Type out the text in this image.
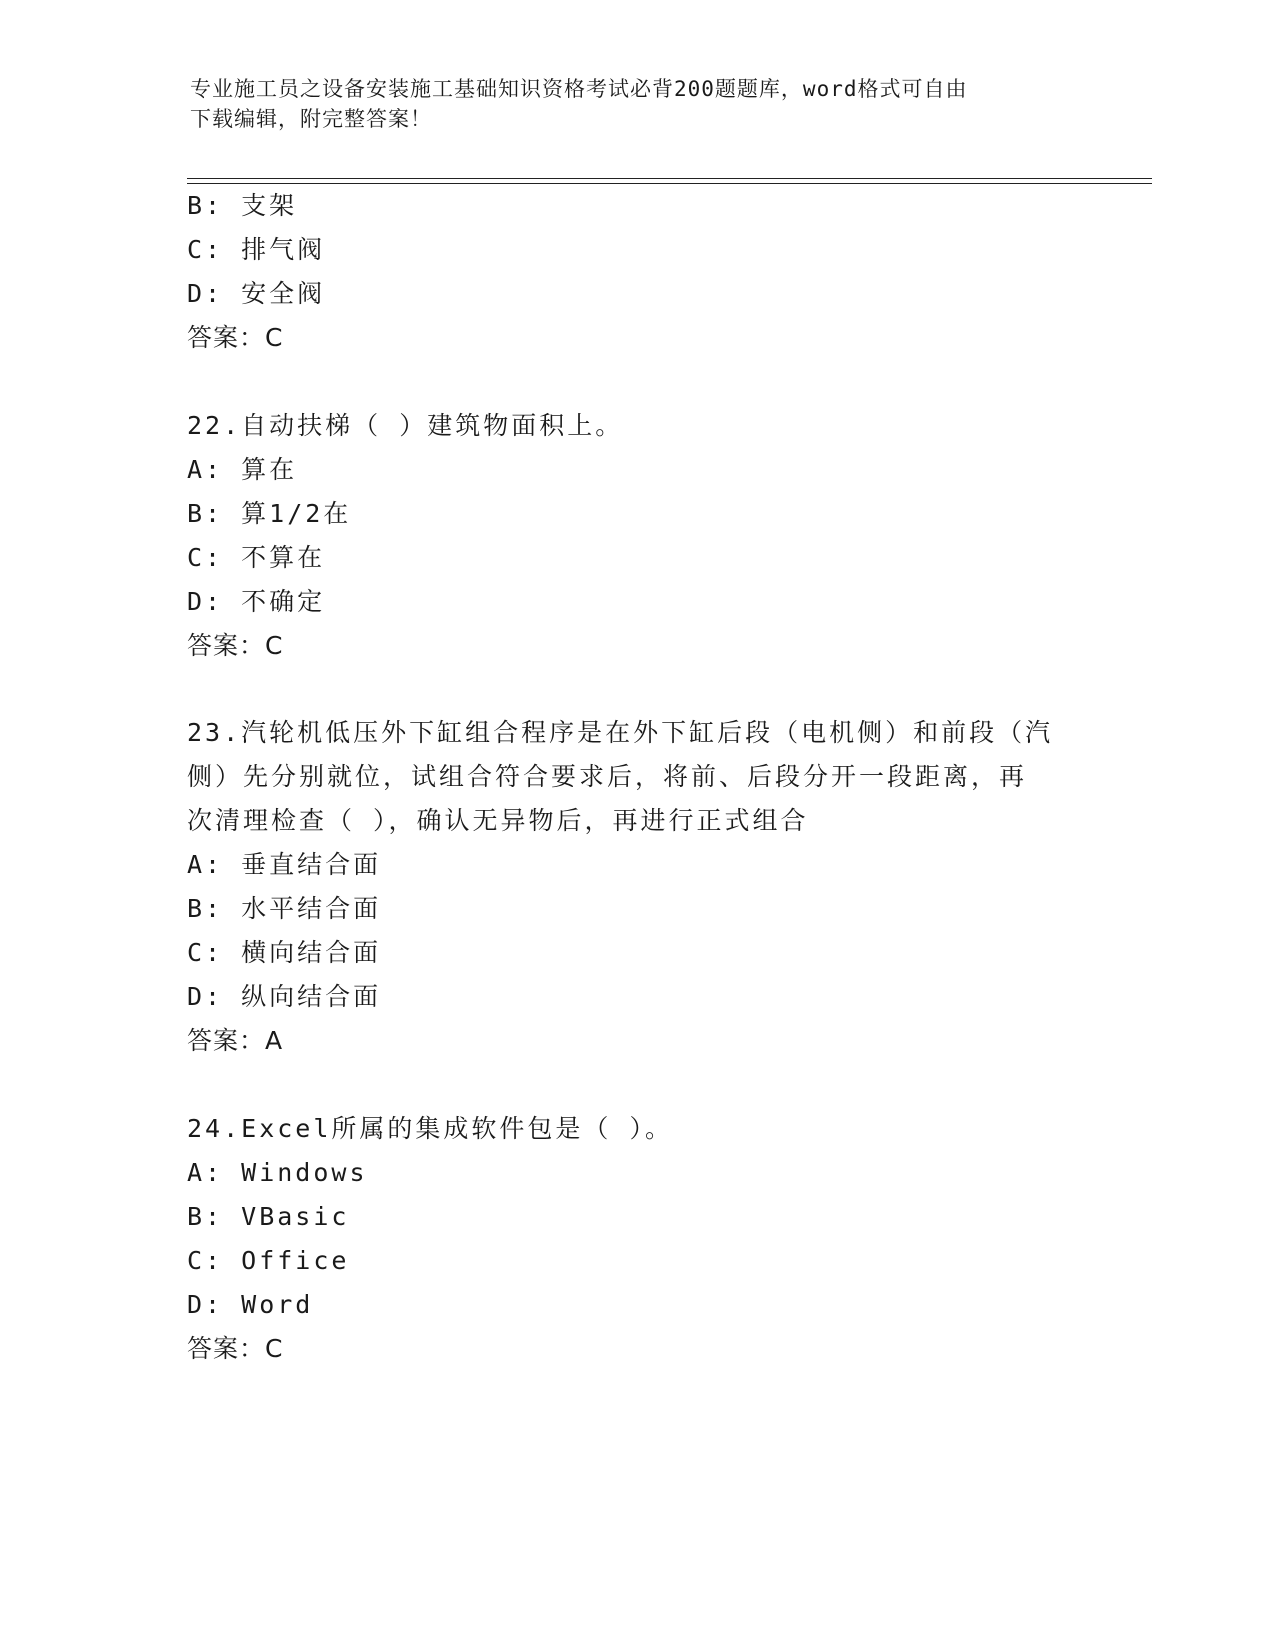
专业施工员之设备安装施工基础知识资格考试必背200题题库，word格式可自由
下载编辑，附完整答案！
B: 支架
C: 排气阀
D: 安全阀
答案：C
22.自动扶梯（ ）建筑物面积上。
A: 算在
B: 算1/2在
C: 不算在
D: 不确定
答案：C
23.汽轮机低压外下缸组合程序是在外下缸后段（电机侧）和前段（汽
侧）先分别就位，试组合符合要求后，将前、后段分开一段距离，再
次清理检查（ ），确认无异物后，再进行正式组合
A: 垂直结合面
B: 水平结合面
C: 横向结合面
D: 纵向结合面
答案：A
24.Excel所属的集成软件包是（ ）。
A: Windows
B: VBasic
C: Office
D: Word
答案：C
